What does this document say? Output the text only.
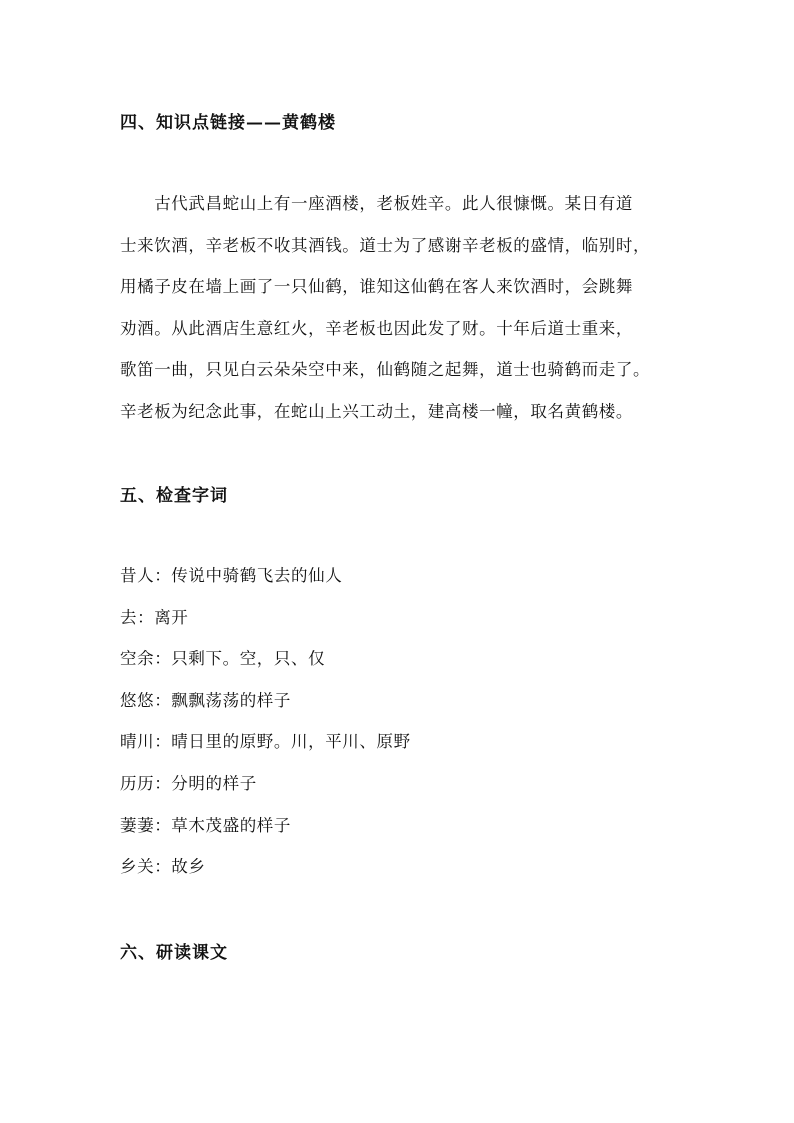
四、知识点链接——黄鹤楼
　　古代武昌蛇山上有一座酒楼，老板姓辛。此人很慷慨。某日有道
士来饮酒，辛老板不收其酒钱。道士为了感谢辛老板的盛情，临别时，
用橘子皮在墙上画了一只仙鹤，谁知这仙鹤在客人来饮酒时，会跳舞
劝酒。从此酒店生意红火，辛老板也因此发了财。十年后道士重来，
歌笛一曲，只见白云朵朵空中来，仙鹤随之起舞，道士也骑鹤而走了。
辛老板为纪念此事，在蛇山上兴工动土，建高楼一幢，取名黄鹤楼。
五、检查字词
昔人：传说中骑鹤飞去的仙人
去：离开
空余：只剩下。空，只、仅
悠悠：飘飘荡荡的样子
晴川：晴日里的原野。川，平川、原野
历历：分明的样子
萋萋：草木茂盛的样子
乡关：故乡
六、研读课文
